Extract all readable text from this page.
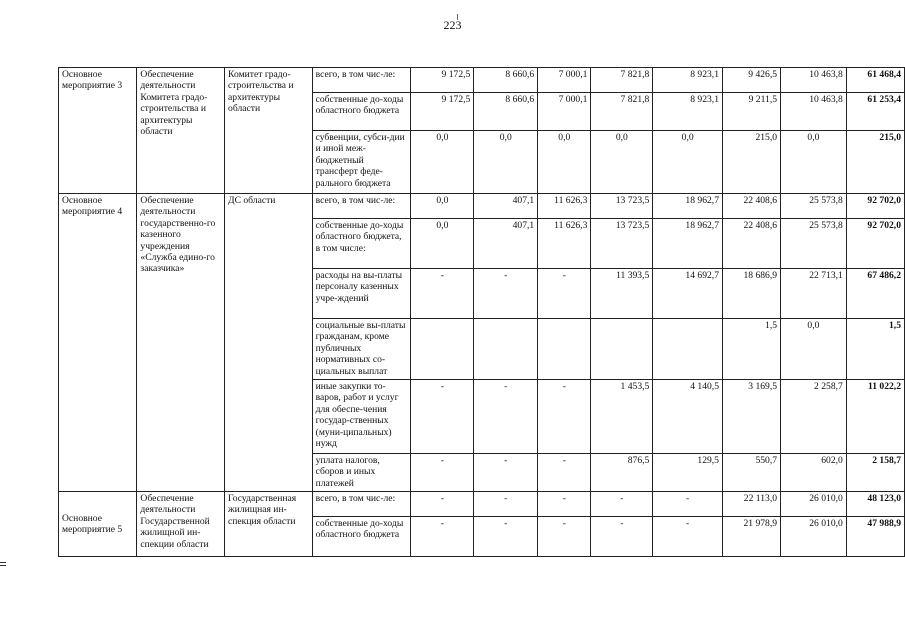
223
Основное мероприятие 3	Обеспечение деятельности Комитета градо-строительства и архитектуры области	Комитет градо-строительства и архитектуры области	всего, в том чис-ле:	9 172,5	8 660,6	7 000,1	7 821,8	8 923,1	9 426,5	10 463,8	61 468,4
			собственные до-ходы областного бюджета	9 172,5	8 660,6	7 000,1	7 821,8	8 923,1	9 211,5	10 463,8	61 253,4
			субвенции, субси-дии и иной меж-бюджетный трансферт феде-рального бюджета	0,0	0,0	0,0	0,0	0,0	215,0	0,0	215,0
Основное мероприятие 4	Обеспечение деятельности государственно-го казенного учреждения «Служба едино-го заказчика»	ДС области	всего, в том чис-ле:	0,0	407,1	11 626,3	13 723,5	18 962,7	22 408,6	25 573,8	92 702,0
			собственные до-ходы областного бюджета, в том числе:	0,0	407,1	11 626,3	13 723,5	18 962,7	22 408,6	25 573,8	92 702,0
			расходы на вы-платы персоналу казенных учре-ждений	-	-	-	11 393,5	14 692,7	18 686,9	22 713,1	67 486,2
			социальные вы-платы гражданам, кроме публичных нормативных со-циальных выплат						1,5	0,0	1,5
			иные закупки то-варов, работ и услуг для обеспе-чения государ-ственных (муни-ципальных) нужд	-	-	-	1 453,5	4 140,5	3 169,5	2 258,7	11 022,2
			уплата налогов, сборов и иных платежей	-	-	-	876,5	129,5	550,7	602,0	2 158,7
Основное мероприятие 5	Обеспечение деятельности Государственной жилищной ин-спекции области	Государственная жилищная ин-спекция области	всего, в том чис-ле:	-	-	-	-	-	22 113,0	26 010,0	48 123,0
			собственные до-ходы областного бюджета	-	-	-	-	-	21 978,9	26 010,0	47 988,9
